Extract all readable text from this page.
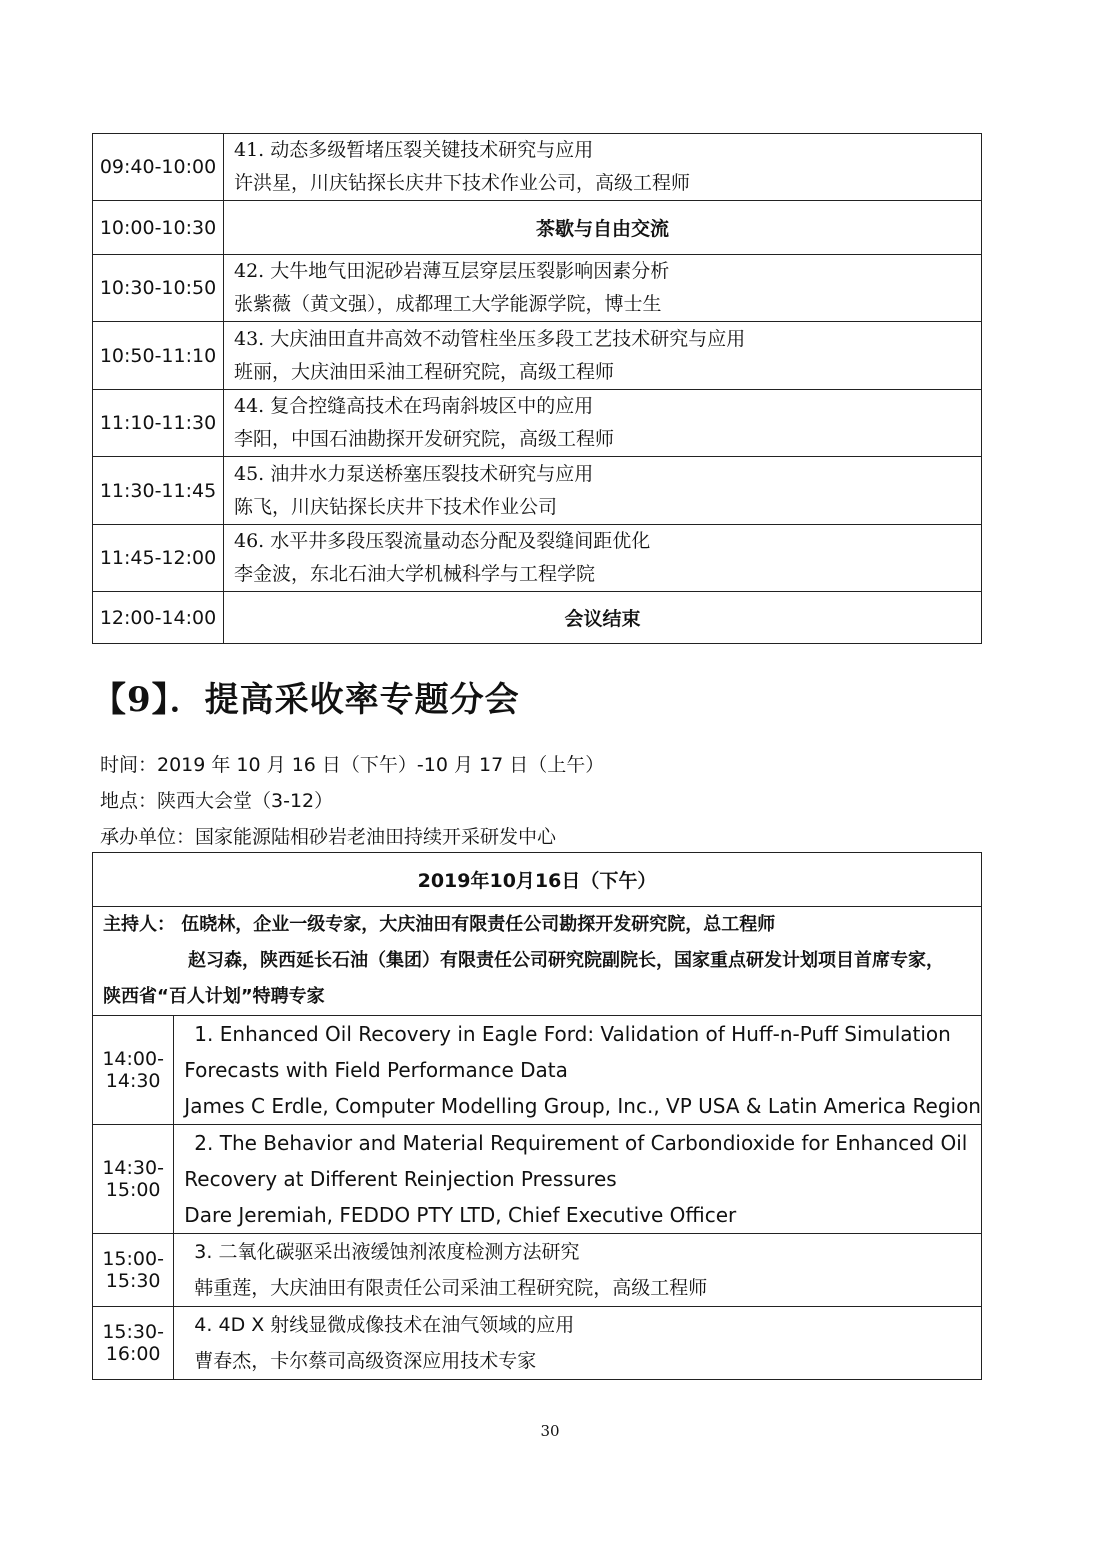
09:40-10:00	41. 动态多级暂堵压裂关键技术研究与应用
许洪星，川庆钻探长庆井下技术作业公司，高级工程师

10:00-10:30	茶歇与自由交流
10:30-10:50	42. 大牛地气田泥砂岩薄互层穿层压裂影响因素分析
张紫薇（黄文强），成都理工大学能源学院，博士生

10:50-11:10	43. 大庆油田直井高效不动管柱坐压多段工艺技术研究与应用
班丽，大庆油田采油工程研究院，高级工程师

11:10-11:30	44. 复合控缝高技术在玛南斜坡区中的应用
李阳，中国石油勘探开发研究院，高级工程师

11:30-11:45	45. 油井水力泵送桥塞压裂技术研究与应用
陈飞，川庆钻探长庆井下技术作业公司

11:45-12:00	46. 水平井多段压裂流量动态分配及裂缝间距优化
李金波，东北石油大学机械科学与工程学院

12:00-14:00	会议结束
【9】．提高采收率专题分会
时间：2019 年 10 月 16 日（下午）-10 月 17 日（上午）
地点：陕西大会堂（3-12）
承办单位：国家能源陆相砂岩老油田持续开采研发中心
2019年10月16日（下午）	

主持人： 伍晓林，企业一级专家，大庆油田有限责任公司勘探开发研究院，总工程师
赵习森，陕西延长石油（集团）有限责任公司研究院副院长，国家重点研发计划项目首席专家，
陕西省“百人计划”特聘专家	

14:00-14:30	1. Enhanced Oil Recovery in Eagle Ford: Validation of Huff-n-Puff Simulation
Forecasts with Field Performance Data
James C Erdle, Computer Modelling Group, Inc., VP USA & Latin America Region

14:30-15:00	2. The Behavior and Material Requirement of Carbondioxide for Enhanced Oil
Recovery at Different Reinjection Pressures
Dare Jeremiah, FEDDO PTY LTD, Chief Executive Officer

15:00-15:30	3. 二氧化碳驱采出液缓蚀剂浓度检测方法研究
韩重莲，大庆油田有限责任公司采油工程研究院，高级工程师

15:30-16:00	4. 4D X 射线显微成像技术在油气领域的应用
曹春杰，卡尔蔡司高级资深应用技术专家
30
